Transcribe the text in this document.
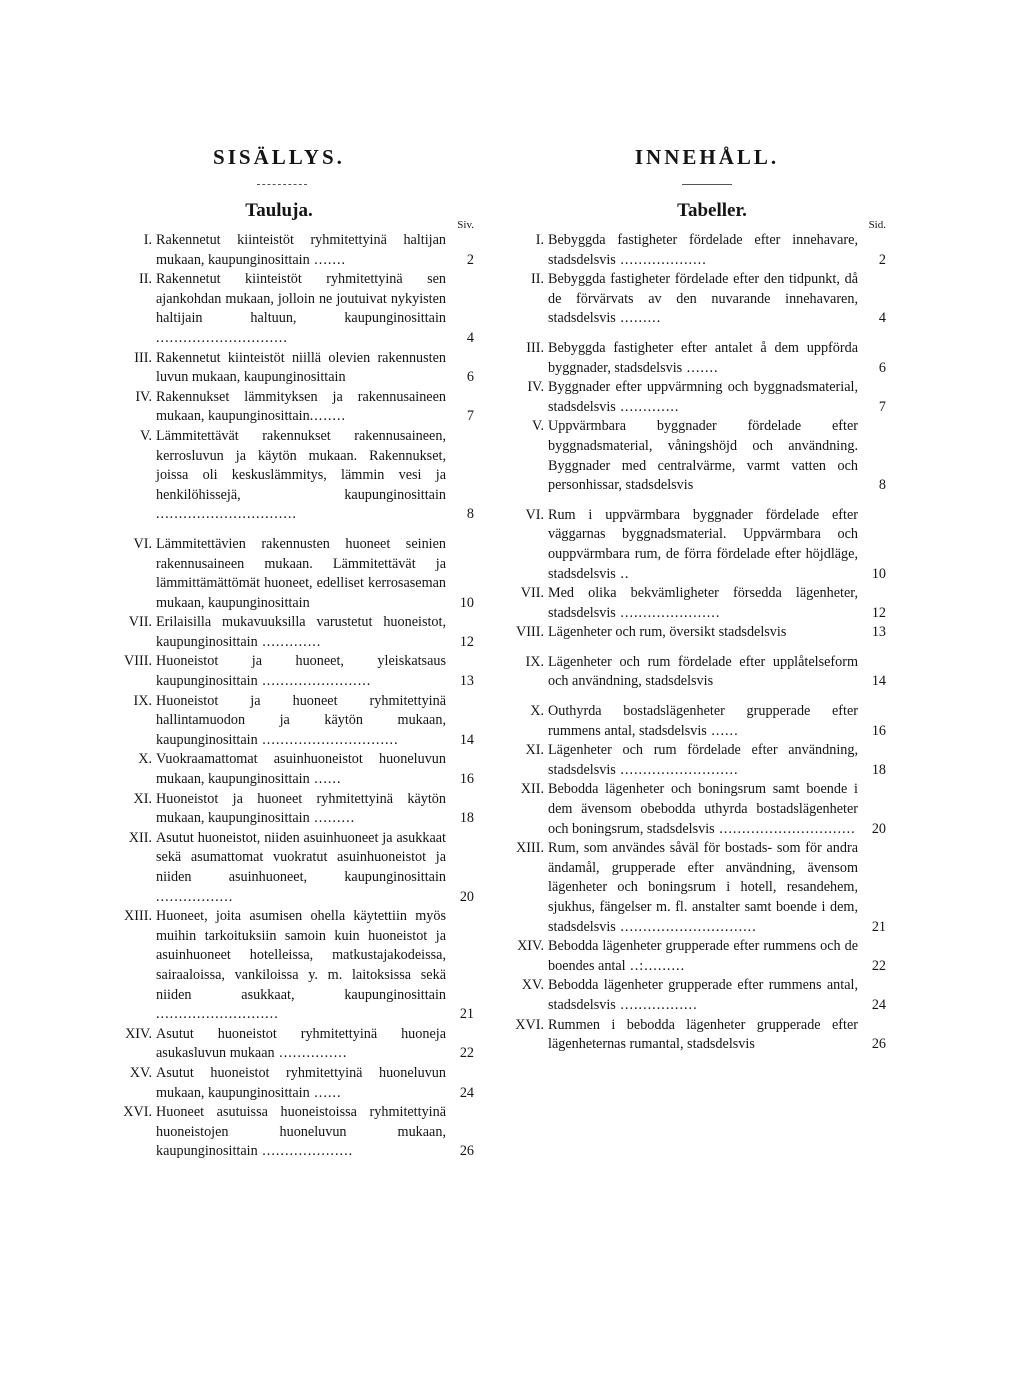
SISÄLLYS.
Tauluja.
Siv.
I. Rakennetut kiinteistöt ryhmitettyinä haltijan mukaan, kaupunginosittain .......	2
II. Rakennetut kiinteistöt ryhmitettyinä sen ajankohdan mukaan, jolloin ne joutuivat nykyisten haltijain haltuun, kaupunginosittain .............................	4
III. Rakennetut kiinteistöt niillä olevien rakennusten luvun mukaan, kaupunginosittain	6
IV. Rakennukset lämmityksen ja rakennusaineen mukaan, kaupunginosittain........	7
V. Lämmitettävät rakennukset rakennusaineen, kerrosluvun ja käytön mukaan. Rakennukset, joissa oli keskuslämmitys, lämmin vesi ja henkilöhissejä, kaupunginosittain ...............................	8
VI. Lämmitettävien rakennusten huoneet seinien rakennusaineen mukaan. Lämmitettävät ja lämmittämättömät huoneet, edelliset kerrosaseman mukaan, kaupunginosittain	10
VII. Erilaisilla mukavuuksilla varustetut huoneistot, kaupunginosittain .............	12
VIII. Huoneistot ja huoneet, yleiskatsaus kaupunginosittain ........................	13
IX. Huoneistot ja huoneet ryhmitettyinä hallintamuodon ja käytön mukaan, kaupunginosittain ..............................	14
X. Vuokraamattomat asuinhuoneistot huoneluvun mukaan, kaupunginosittain ......	16
XI. Huoneistot ja huoneet ryhmitettyinä käytön mukaan, kaupunginosittain .........	18
XII. Asutut huoneistot, niiden asuinhuoneet ja asukkaat sekä asumattomat vuokratut asuinhuoneistot ja niiden asuinhuoneet, kaupunginosittain .................	20
XIII. Huoneet, joita asumisen ohella käytettiin myös muihin tarkoituksiin samoin kuin huoneistot ja asuinhuoneet hotelleissa, matkustajakodeissa, sairaaloissa, vankiloissa y. m. laitoksissa sekä niiden asukkaat, kaupunginosittain ...........................	21
XIV. Asutut huoneistot ryhmitettyinä huoneja asukasluvun mukaan ...............	22
XV. Asutut huoneistot ryhmitettyinä huoneluvun mukaan, kaupunginosittain ......	24
XVI. Huoneet asutuissa huoneistoissa ryhmitettyinä huoneistojen huoneluvun mukaan, kaupunginosittain ....................	26
INNEHÅLL.
Tabeller.
Sid.
I. Bebyggda fastigheter fördelade efter innehavare, stadsdelsvis ...................	2
II. Bebyggda fastigheter fördelade efter den tidpunkt, då de förvärvats av den nuvarande innehavaren, stadsdelsvis .........	4
III. Bebyggda fastigheter efter antalet å dem uppförda byggnader, stadsdelsvis .......	6
IV. Byggnader efter uppvärmning och byggnadsmaterial, stadsdelsvis .............	7
V. Uppvärmbara byggnader fördelade efter byggnadsmaterial, våningshöjd och användning. Byggnader med centralvärme, varmt vatten och personhissar, stadsdelsvis	8
VI. Rum i uppvärmbara byggnader fördelade efter väggarnas byggnadsmaterial. Uppvärmbara och ouppvärmbara rum, de förra fördelade efter höjdläge, stadsdelsvis ..	10
VII. Med olika bekvämligheter försedda lägenheter, stadsdelsvis ......................	12
VIII. Lägenheter och rum, översikt stadsdelsvis	13
IX. Lägenheter och rum fördelade efter upplåtelseform och användning, stadsdelsvis	14
X. Outhyrda bostadslägenheter grupperade efter rummens antal, stadsdelsvis ......	16
XI. Lägenheter och rum fördelade efter användning, stadsdelsvis ..........................	18
XII. Bebodda lägenheter och boningsrum samt boende i dem ävensom obebodda uthyrda bostadslägenheter och boningsrum, stadsdelsvis ..............................	20
XIII. Rum, som användes såväl för bostads- som för andra ändamål, grupperade efter användning, ävensom lägenheter och boningsrum i hotell, resandehem, sjukhus, fängelser m. fl. anstalter samt boende i dem, stadsdelsvis ..............................	21
XIV. Bebodda lägenheter grupperade efter rummens och de boendes antal ..:.........	22
XV. Bebodda lägenheter grupperade efter rummens antal, stadsdelsvis .................	24
XVI. Rummen i bebodda lägenheter grupperade efter lägenheternas rumantal, stadsdelsvis	26
